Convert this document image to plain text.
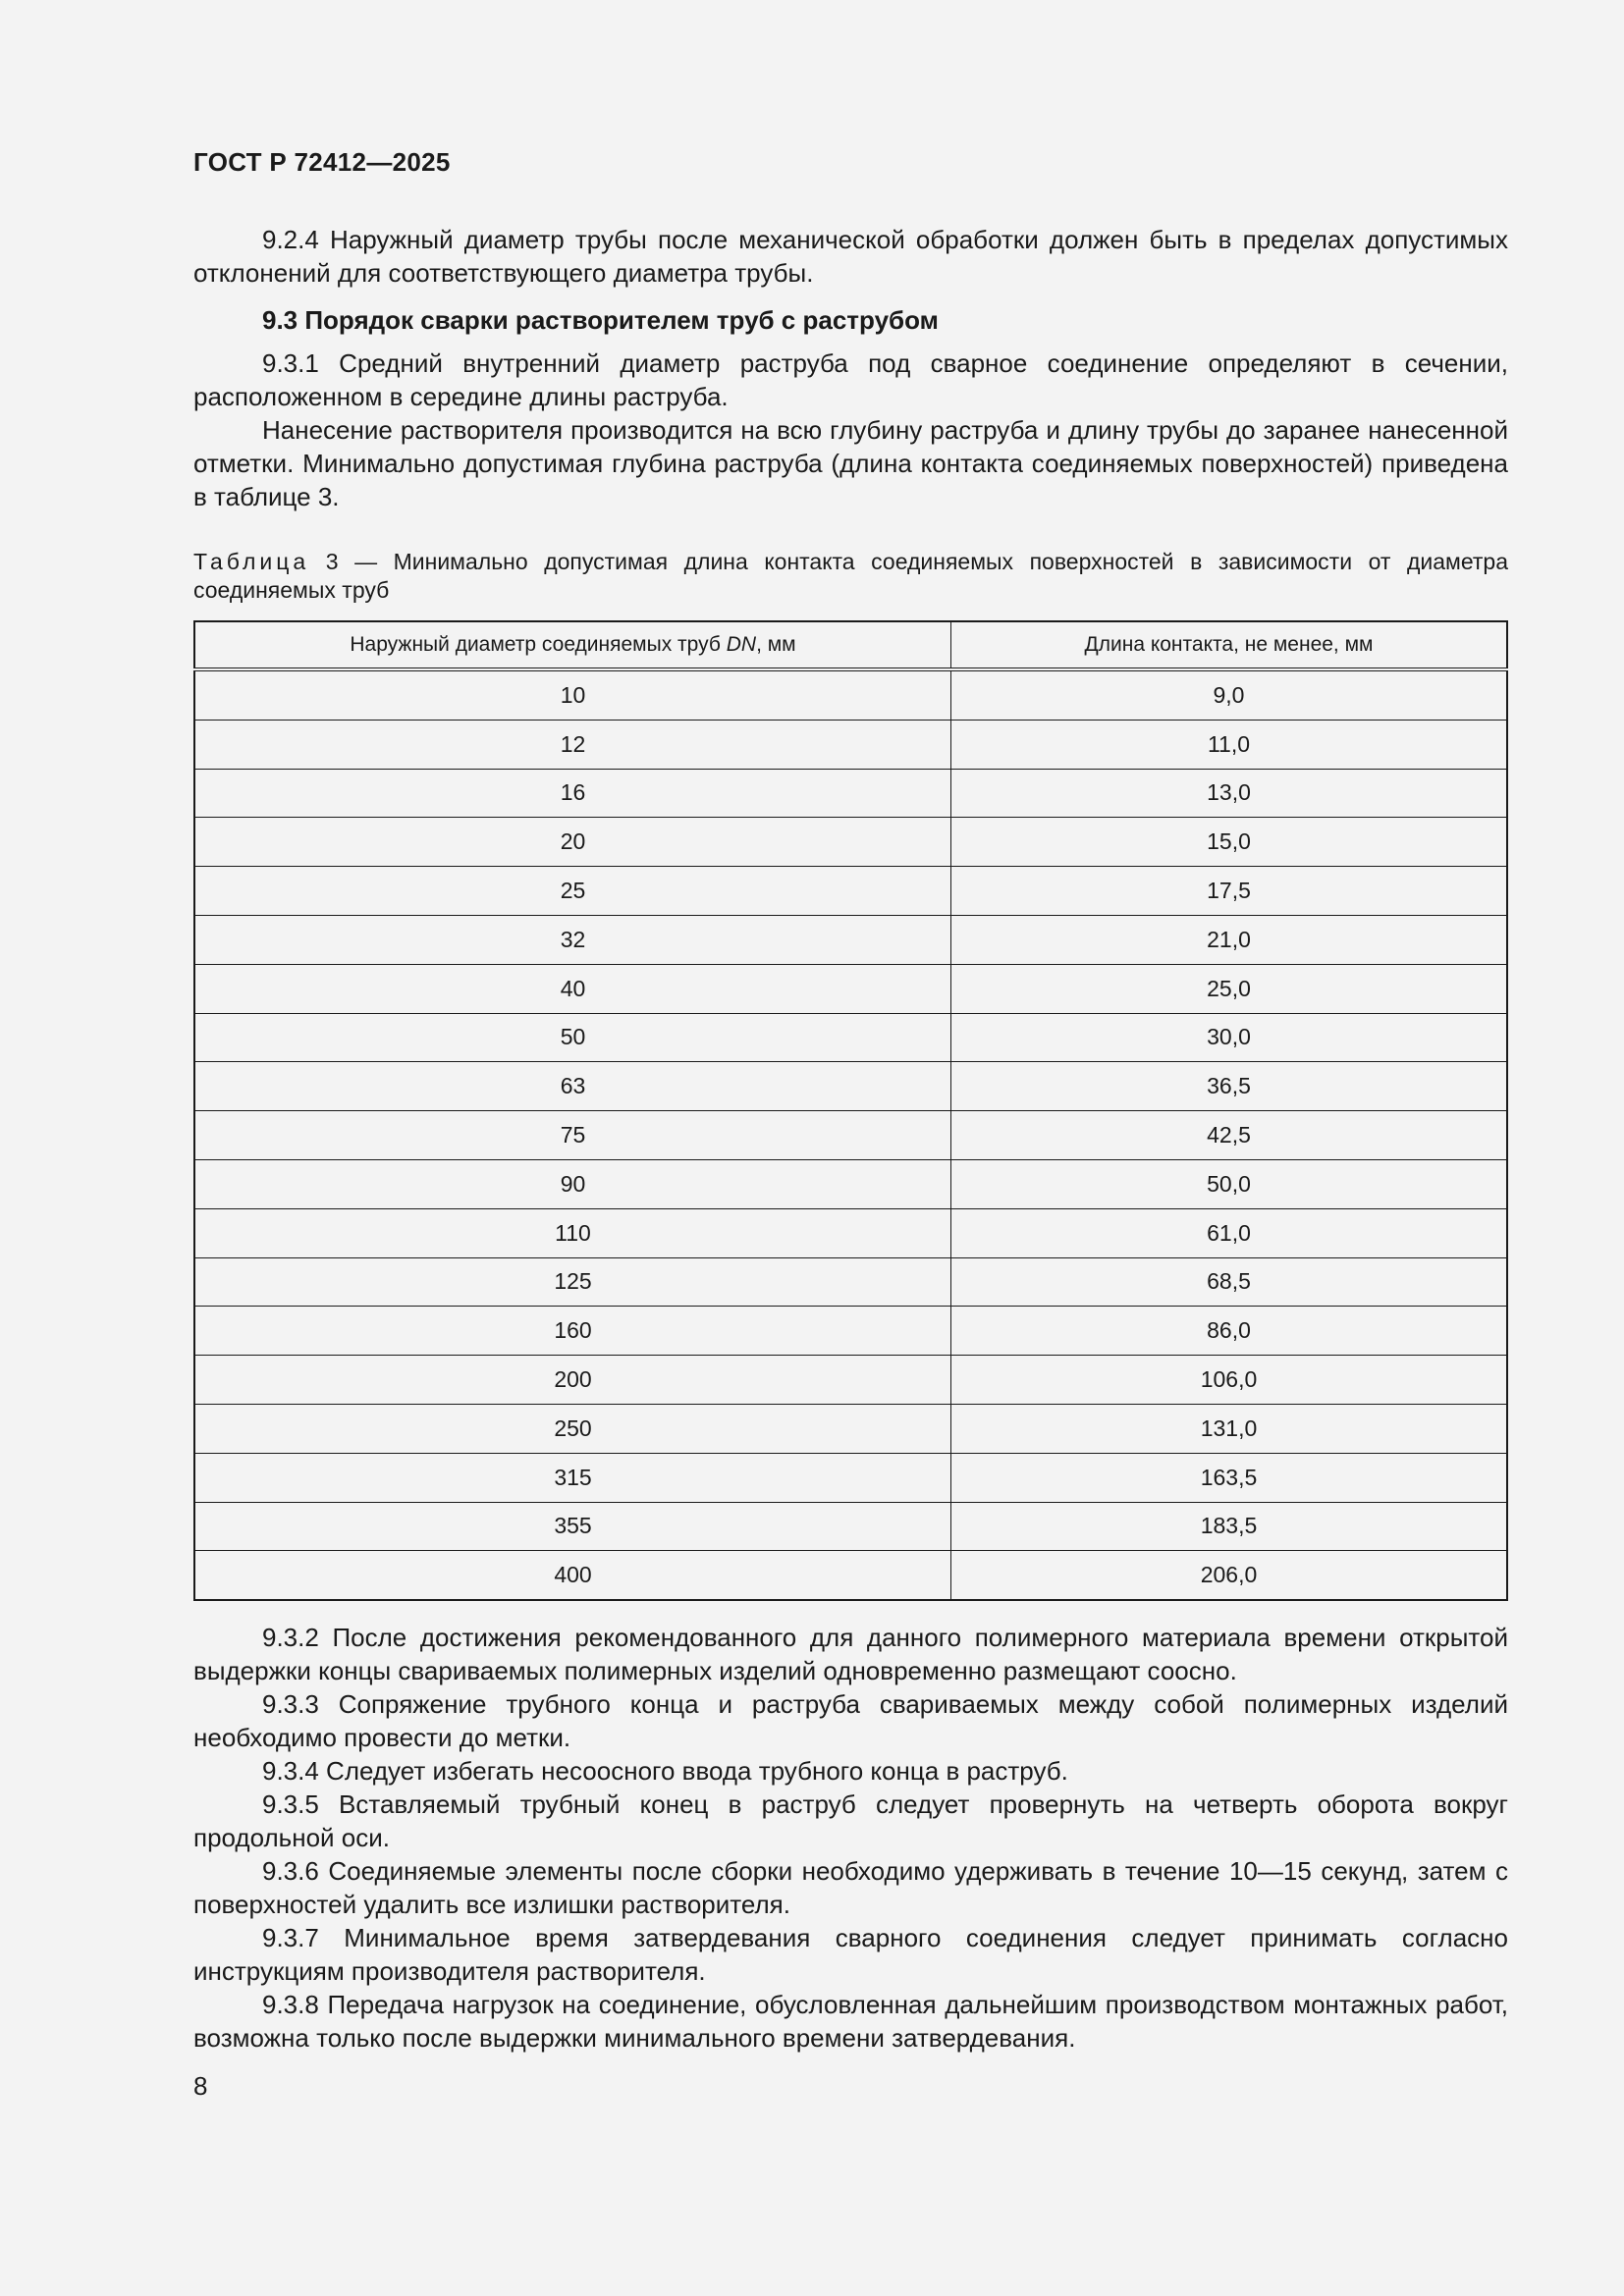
ГОСТ Р 72412—2025

9.2.4 Наружный диаметр трубы после механической обработки должен быть в пределах допустимых отклонений для соответствующего диаметра трубы.

9.3 Порядок сварки растворителем труб с раструбом

9.3.1 Средний внутренний диаметр раструба под сварное соединение определяют в сечении, расположенном в середине длины раструба.

Нанесение растворителя производится на всю глубину раструба и длину трубы до заранее нанесенной отметки. Минимально допустимая глубина раструба (длина контакта соединяемых поверхностей) приведена в таблице 3.

Таблица 3 — Минимально допустимая длина контакта соединяемых поверхностей в зависимости от диаметра соединяемых труб
Наружный диаметр соединяемых труб DN, мм	Длина контакта, не менее, мм
10	9,0
12	11,0
16	13,0
20	15,0
25	17,5
32	21,0
40	25,0
50	30,0
63	36,5
75	42,5
90	50,0
110	61,0
125	68,5
160	86,0
200	106,0
250	131,0
315	163,5
355	183,5
400	206,0

9.3.2 После достижения рекомендованного для данного полимерного материала времени открытой выдержки концы свариваемых полимерных изделий одновременно размещают соосно.

9.3.3 Сопряжение трубного конца и раструба свариваемых между собой полимерных изделий необходимо провести до метки.

9.3.4 Следует избегать несоосного ввода трубного конца в раструб.

9.3.5 Вставляемый трубный конец в раструб следует провернуть на четверть оборота вокруг продольной оси.

9.3.6 Соединяемые элементы после сборки необходимо удерживать в течение 10—15 секунд, затем с поверхностей удалить все излишки растворителя.

9.3.7 Минимальное время затвердевания сварного соединения следует принимать согласно инструкциям производителя растворителя.

9.3.8 Передача нагрузок на соединение, обусловленная дальнейшим производством монтажных работ, возможна только после выдержки минимального времени затвердевания.

8
